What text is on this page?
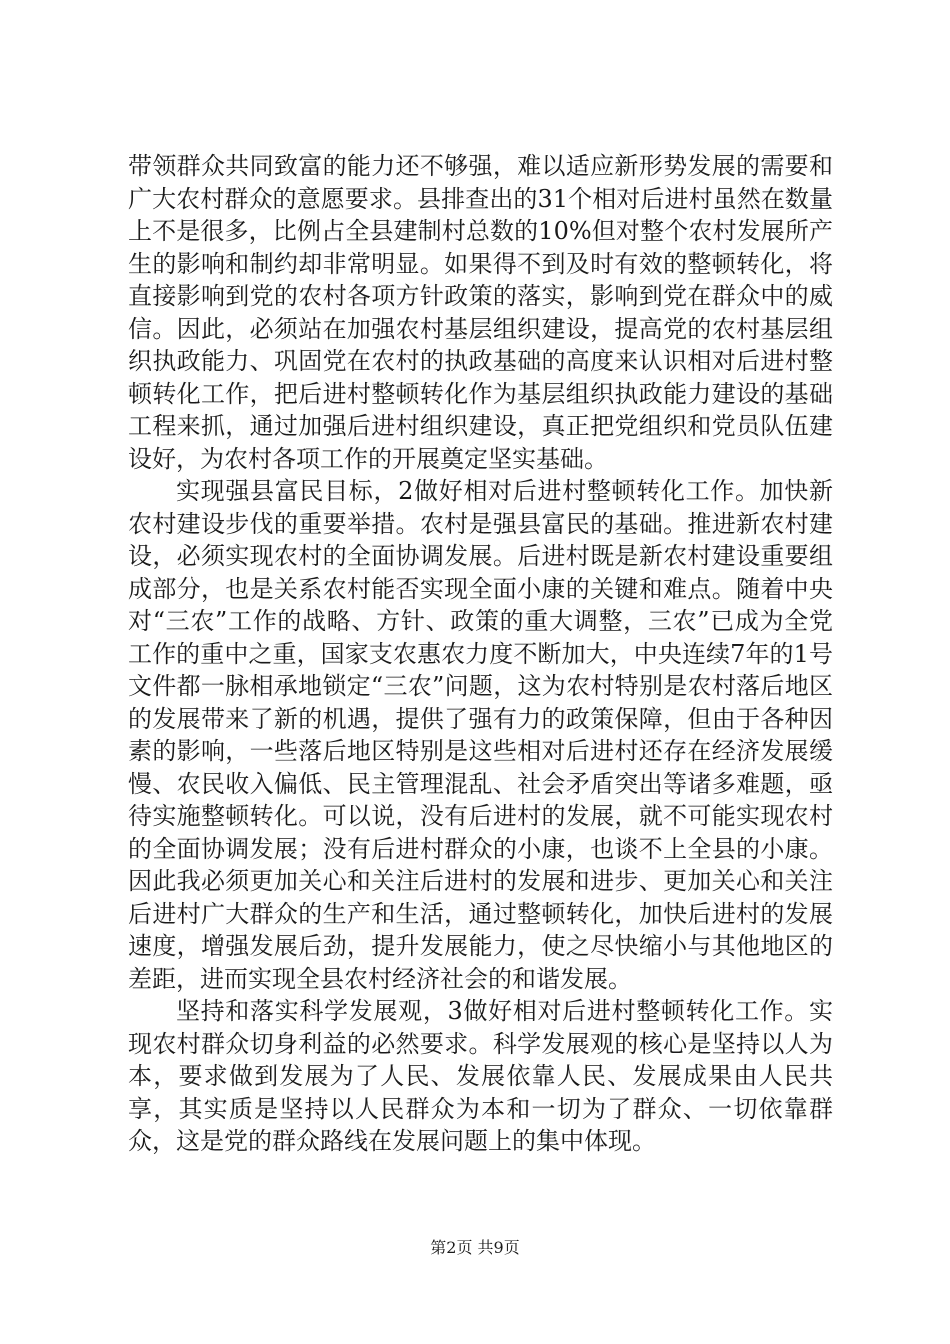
带领群众共同致富的能力还不够强，难以适应新形势发展的需要和广大农村群众的意愿要求。县排查出的31个相对后进村虽然在数量上不是很多，比例占全县建制村总数的10%但对整个农村发展所产生的影响和制约却非常明显。如果得不到及时有效的整顿转化，将直接影响到党的农村各项方针政策的落实，影响到党在群众中的威信。因此，必须站在加强农村基层组织建设，提高党的农村基层组织执政能力、巩固党在农村的执政基础的高度来认识相对后进村整顿转化工作，把后进村整顿转化作为基层组织执政能力建设的基础工程来抓，通过加强后进村组织建设，真正把党组织和党员队伍建设好，为农村各项工作的开展奠定坚实基础。

实现强县富民目标，2做好相对后进村整顿转化工作。加快新农村建设步伐的重要举措。农村是强县富民的基础。推进新农村建设，必须实现农村的全面协调发展。后进村既是新农村建设重要组成部分，也是关系农村能否实现全面小康的关键和难点。随着中央对“三农”工作的战略、方针、政策的重大调整，三农”已成为全党工作的重中之重，国家支农惠农力度不断加大，中央连续7年的1号文件都一脉相承地锁定“三农”问题，这为农村特别是农村落后地区的发展带来了新的机遇，提供了强有力的政策保障，但由于各种因素的影响，一些落后地区特别是这些相对后进村还存在经济发展缓慢、农民收入偏低、民主管理混乱、社会矛盾突出等诸多难题，亟待实施整顿转化。可以说，没有后进村的发展，就不可能实现农村的全面协调发展；没有后进村群众的小康，也谈不上全县的小康。因此我必须更加关心和关注后进村的发展和进步、更加关心和关注后进村广大群众的生产和生活，通过整顿转化，加快后进村的发展速度，增强发展后劲，提升发展能力，使之尽快缩小与其他地区的差距，进而实现全县农村经济社会的和谐发展。

坚持和落实科学发展观，3做好相对后进村整顿转化工作。实现农村群众切身利益的必然要求。科学发展观的核心是坚持以人为本，要求做到发展为了人民、发展依靠人民、发展成果由人民共享，其实质是坚持以人民群众为本和一切为了群众、一切依靠群众，这是党的群众路线在发展问题上的集中体现。

第2页 共9页
